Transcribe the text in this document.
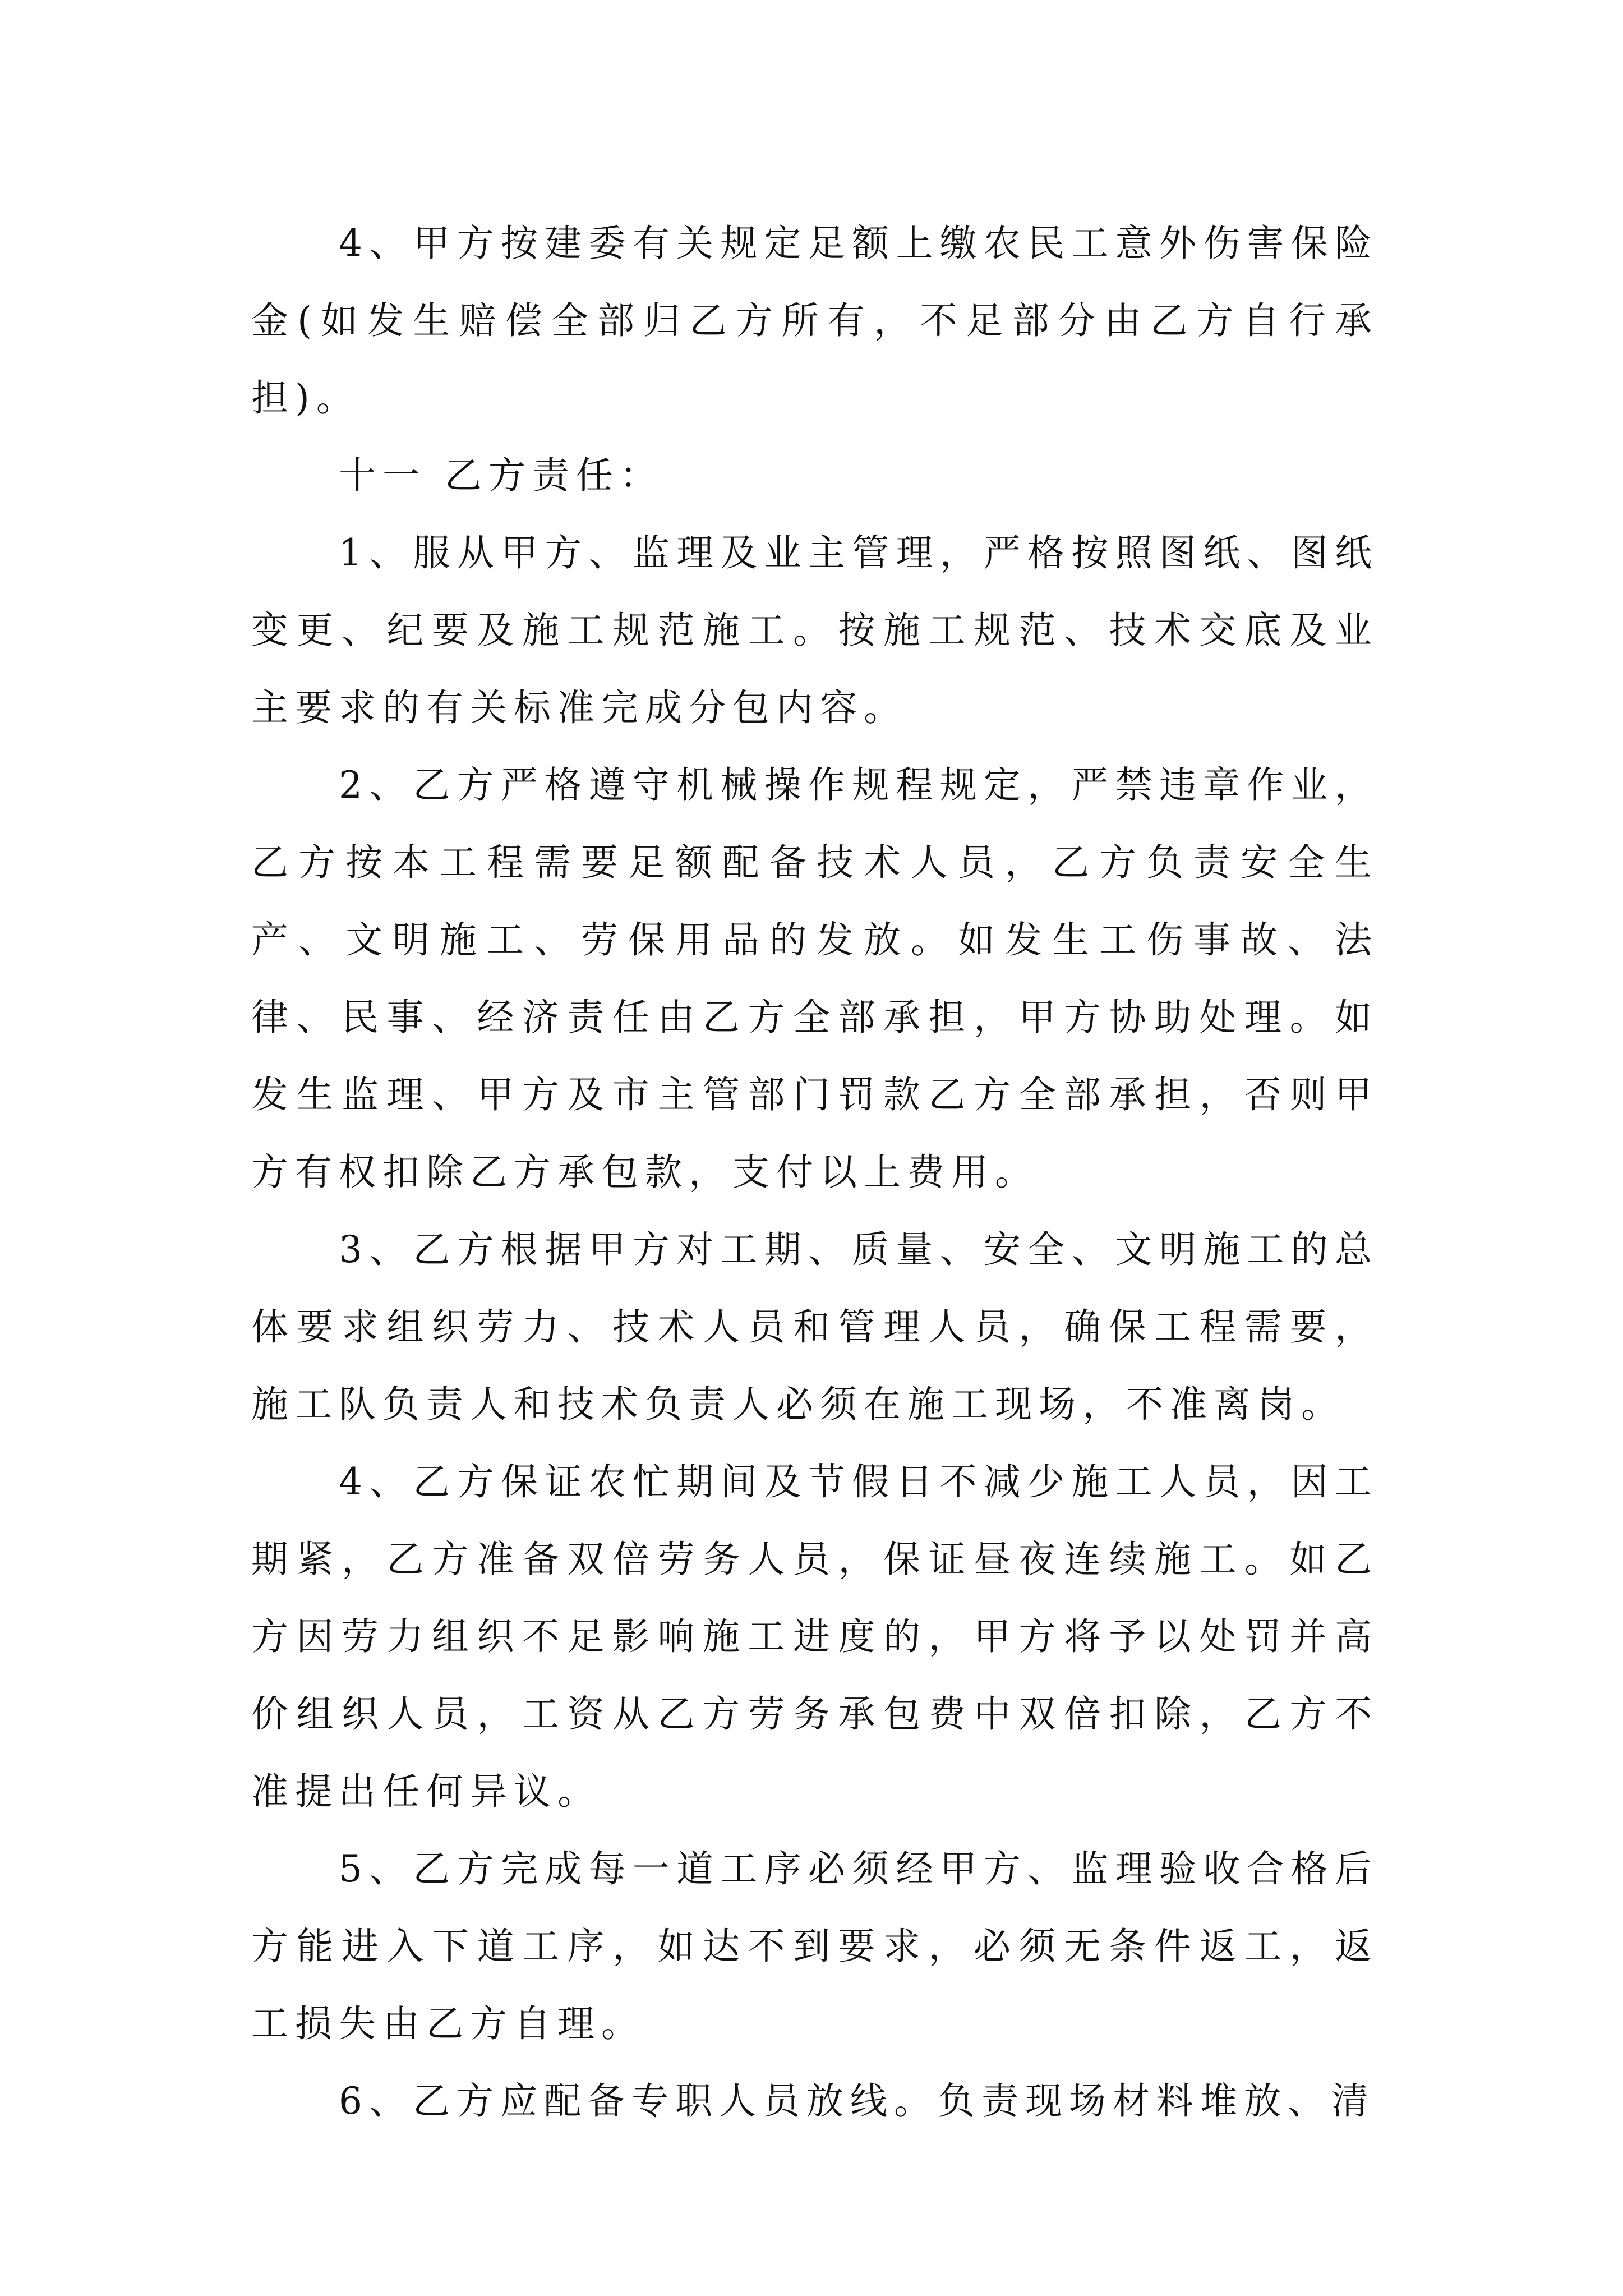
4、甲方按建委有关规定足额上缴农民工意外伤害保险金(如发生赔偿全部归乙方所有，不足部分由乙方自行承担)。

十一 乙方责任：

1、服从甲方、监理及业主管理，严格按照图纸、图纸变更、纪要及施工规范施工。按施工规范、技术交底及业主要求的有关标准完成分包内容。

2、乙方严格遵守机械操作规程规定，严禁违章作业，乙方按本工程需要足额配备技术人员，乙方负责安全生产、文明施工、劳保用品的发放。如发生工伤事故、法律、民事、经济责任由乙方全部承担，甲方协助处理。如发生监理、甲方及市主管部门罚款乙方全部承担，否则甲方有权扣除乙方承包款，支付以上费用。

3、乙方根据甲方对工期、质量、安全、文明施工的总体要求组织劳力、技术人员和管理人员，确保工程需要，施工队负责人和技术负责人必须在施工现场，不准离岗。

4、乙方保证农忙期间及节假日不减少施工人员，因工期紧，乙方准备双倍劳务人员，保证昼夜连续施工。如乙方因劳力组织不足影响施工进度的，甲方将予以处罚并高价组织人员，工资从乙方劳务承包费中双倍扣除，乙方不准提出任何异议。

5、乙方完成每一道工序必须经甲方、监理验收合格后方能进入下道工序，如达不到要求，必须无条件返工，返工损失由乙方自理。

6、乙方应配备专职人员放线。负责现场材料堆放、清
